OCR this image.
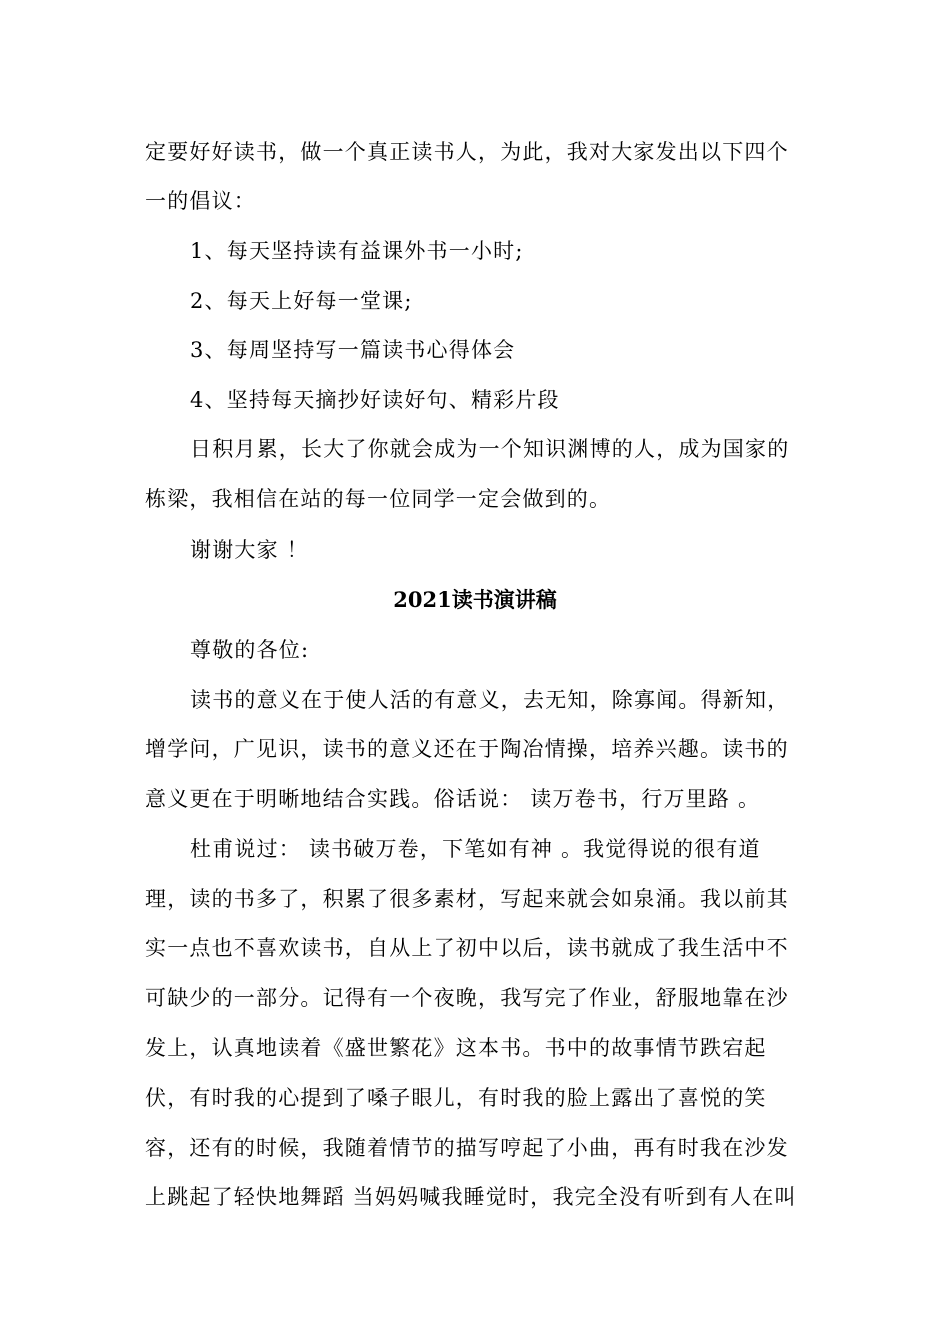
定要好好读书，做一个真正读书人，为此，我对大家发出以下四个
一的倡议：
1、每天坚持读有益课外书一小时;
2、每天上好每一堂课;
3、每周坚持写一篇读书心得体会
4、坚持每天摘抄好读好句、精彩片段
日积月累，长大了你就会成为一个知识渊博的人，成为国家的
栋梁，我相信在站的每一位同学一定会做到的。
谢谢大家 ！
2021读书演讲稿
尊敬的各位:
读书的意义在于使人活的有意义，去无知，除寡闻。得新知，
增学问，广见识，读书的意义还在于陶冶情操，培养兴趣。读书的
意义更在于明晰地结合实践。俗话说： 读万卷书，行万里路 。
杜甫说过： 读书破万卷，下笔如有神 。我觉得说的很有道
理，读的书多了，积累了很多素材，写起来就会如泉涌。我以前其
实一点也不喜欢读书，自从上了初中以后，读书就成了我生活中不
可缺少的一部分。记得有一个夜晚，我写完了作业，舒服地靠在沙
发上，认真地读着《盛世繁花》这本书。书中的故事情节跌宕起
伏，有时我的心提到了嗓子眼儿，有时我的脸上露出了喜悦的笑
容，还有的时候，我随着情节的描写哼起了小曲，再有时我在沙发
上跳起了轻快地舞蹈 当妈妈喊我睡觉时，我完全没有听到有人在叫
